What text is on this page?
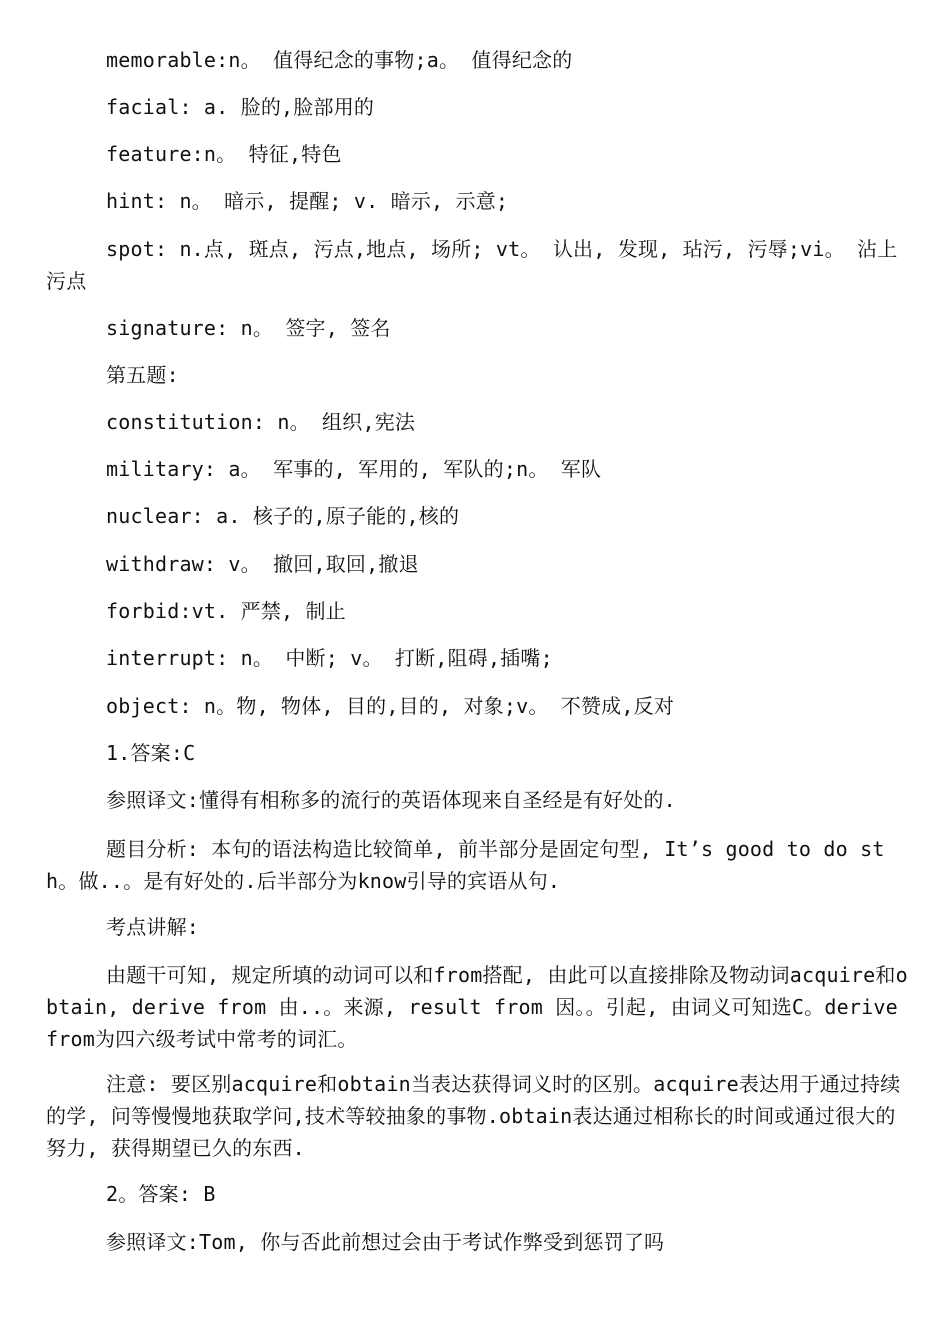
memorable:n。 值得纪念的事物;a。 值得纪念的

facial: a. 脸的,脸部用的

feature:n。 特征,特色

hint: n。 暗示, 提醒; v. 暗示, 示意;

spot: n.点, 斑点, 污点,地点, 场所; vt。 认出, 发现, 玷污, 污辱;vi。 沾上污点

signature: n。 签字, 签名

第五题:

constitution: n。 组织,宪法

military: a。 军事的, 军用的, 军队的;n。 军队

nuclear: a. 核子的,原子能的,核的

withdraw: v。 撤回,取回,撤退

forbid:vt. 严禁, 制止

interrupt: n。 中断; v。 打断,阻碍,插嘴;

object: n。物, 物体, 目的,目的, 对象;v。 不赞成,反对

1.答案:C

参照译文:懂得有相称多的流行的英语体现来自圣经是有好处的.

题目分析: 本句的语法构造比较简单, 前半部分是固定句型, It’s good to do sth。做..。是有好处的.后半部分为know引导的宾语从句.

考点讲解:

由题干可知, 规定所填的动词可以和from搭配, 由此可以直接排除及物动词acquire和obtain, derive from 由..。来源, result from 因。。引起, 由词义可知选C。derive from为四六级考试中常考的词汇。

注意: 要区别acquire和obtain当表达获得词义时的区别。acquire表达用于通过持续的学, 问等慢慢地获取学问,技术等较抽象的事物.obtain表达通过相称长的时间或通过很大的努力, 获得期望已久的东西.

2。答案: B

参照译文:Tom, 你与否此前想过会由于考试作弊受到惩罚了吗
